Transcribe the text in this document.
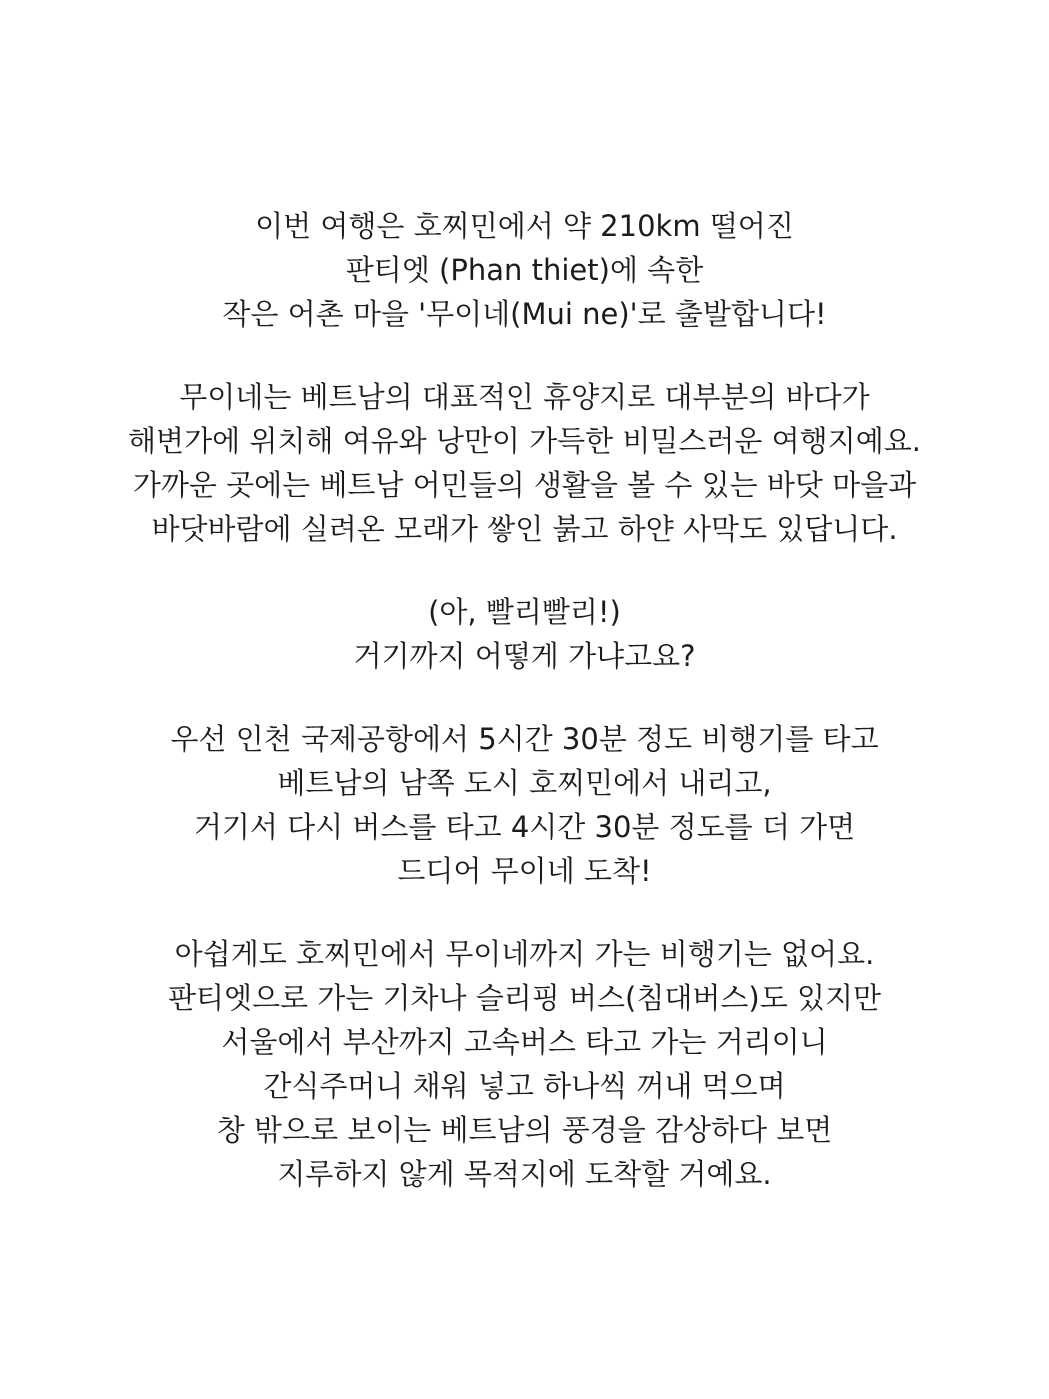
이번 여행은 호찌민에서 약 210km 떨어진
판티엣 (Phan thiet)에 속한
작은 어촌 마을 '무이네(Mui ne)'로 출발합니다!

무이네는 베트남의 대표적인 휴양지로 대부분의 바다가
해변가에 위치해 여유와 낭만이 가득한 비밀스러운 여행지예요.
가까운 곳에는 베트남 어민들의 생활을 볼 수 있는 바닷 마을과
바닷바람에 실려온 모래가 쌓인 붉고 하얀 사막도 있답니다.

(아, 빨리빨리!)
거기까지 어떻게 가냐고요?

우선 인천 국제공항에서 5시간 30분 정도 비행기를 타고
베트남의 남쪽 도시 호찌민에서 내리고,
거기서 다시 버스를 타고 4시간 30분 정도를 더 가면
드디어 무이네 도착!

아쉽게도 호찌민에서 무이네까지 가는 비행기는 없어요.
판티엣으로 가는 기차나 슬리핑 버스(침대버스)도 있지만
서울에서 부산까지 고속버스 타고 가는 거리이니
간식주머니 채워 넣고 하나씩 꺼내 먹으며
창 밖으로 보이는 베트남의 풍경을 감상하다 보면
지루하지 않게 목적지에 도착할 거예요.
